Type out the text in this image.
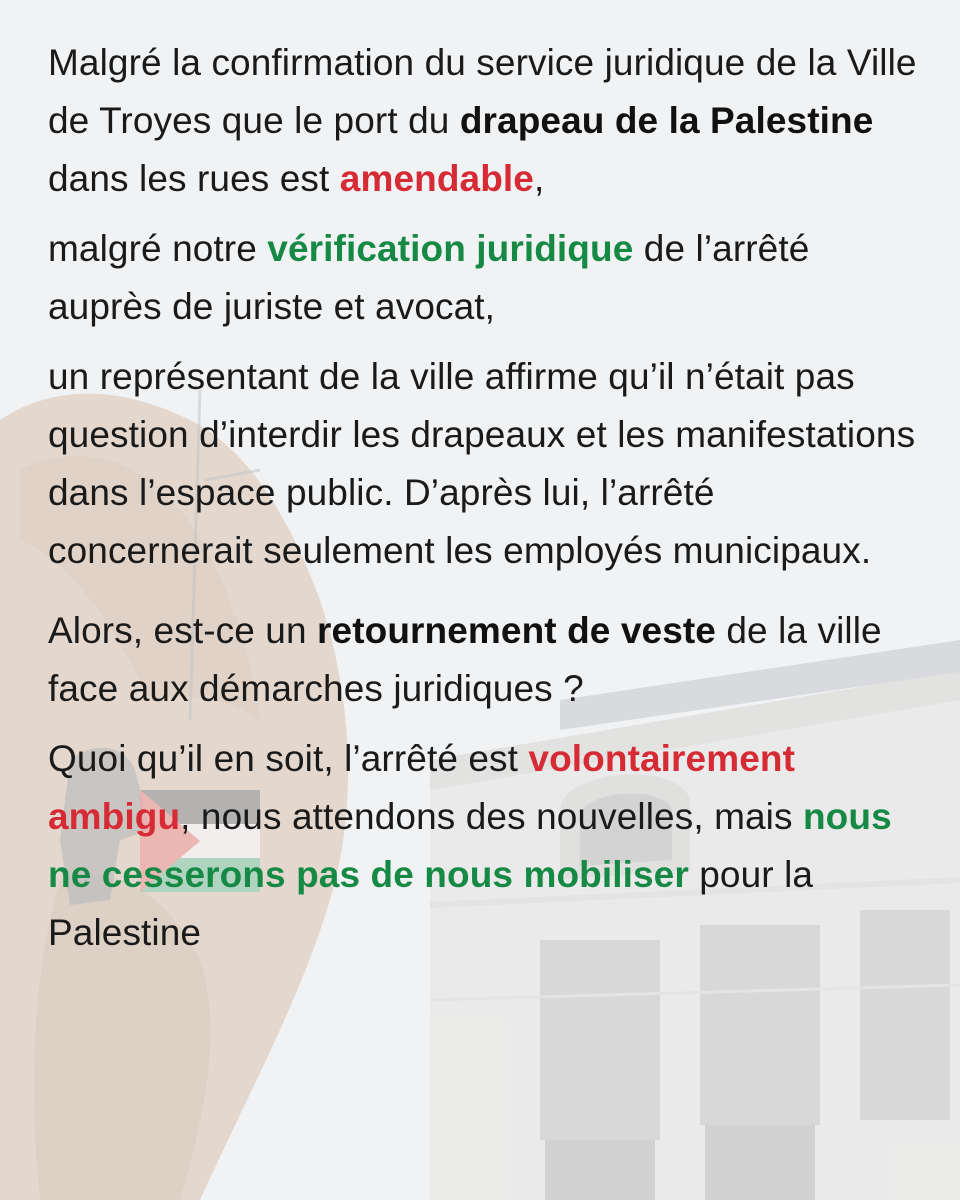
Malgré la confirmation du service juridique de la Ville de Troyes que le port du drapeau de la Palestine dans les rues est amendable,

malgré notre vérification juridique de l’arrêté auprès de juriste et avocat,

un représentant de la ville affirme qu’il n’était pas question d’interdir les drapeaux et les manifestations dans l’espace public. D’après lui, l’arrêté concernerait seulement les employés municipaux.

Alors, est-ce un retournement de veste de la ville face aux démarches juridiques ?

Quoi qu’il en soit, l’arrêté est volontairement ambigu, nous attendons des nouvelles, mais nous ne cesserons pas de nous mobiliser pour la Palestine
